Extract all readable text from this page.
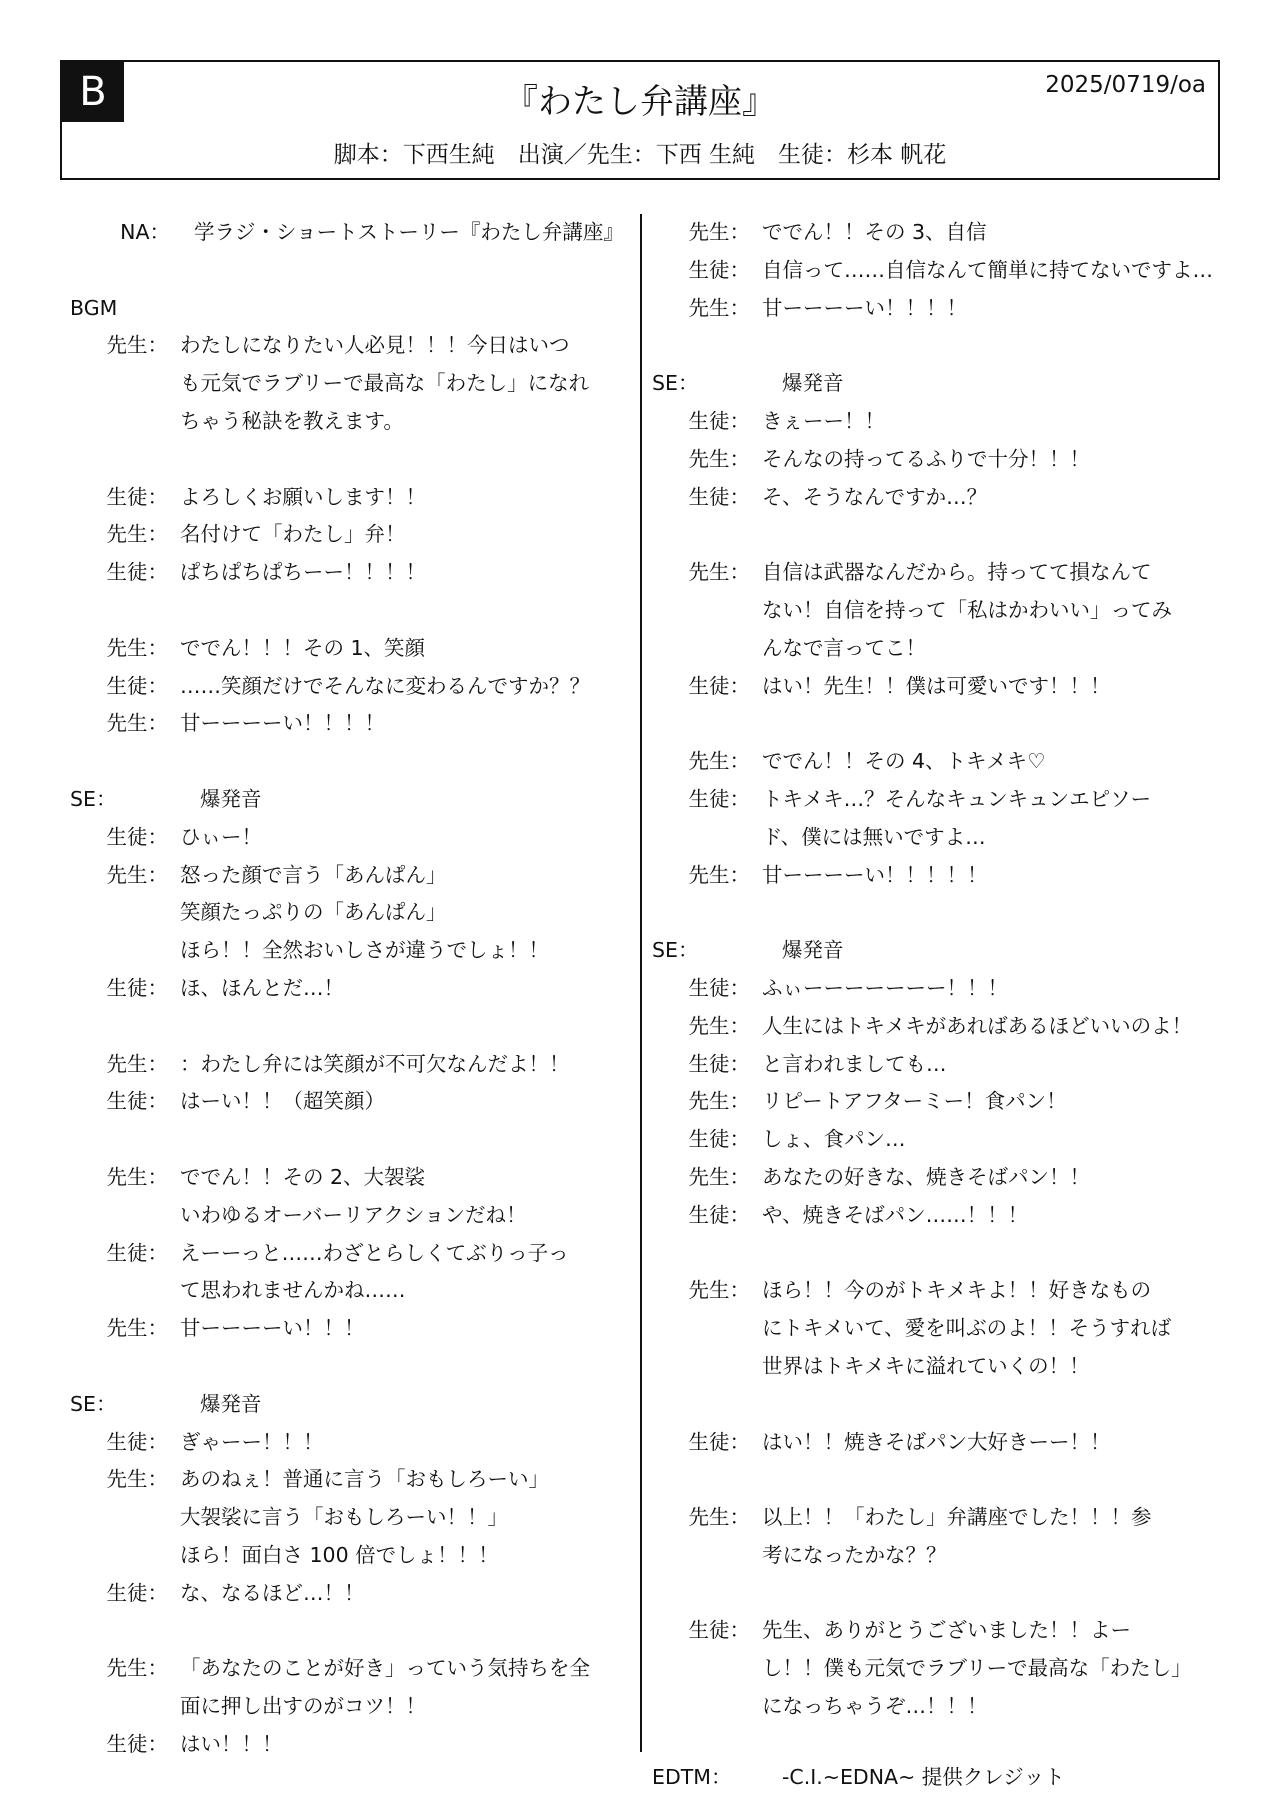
B	『わたし弁講座』	2025/0719/oa
脚本：下西生純　出演／先生：下西 生純　生徒：杉本 帆花
NA：	学ラジ・ショートストーリー『わたし弁講座』
BGM
先生： わたしになりたい人必見！！！今日はいつ
も元気でラブリーで最高な「わたし」になれ
ちゃう秘訣を教えます。
生徒： よろしくお願いします！！
先生： 名付けて「わたし」弁！
生徒： ぱちぱちぱちーー！！！！
先生： ででん！！！その 1、笑顔
生徒： ……笑顔だけでそんなに変わるんですか？？
先生： 甘ーーーーい！！！！
SE：	爆発音
生徒： ひぃー！
先生： 怒った顔で言う「あんぱん」
笑顔たっぷりの「あんぱん」
ほら！！全然おいしさが違うでしょ！！
生徒： ほ、ほんとだ…！
先生： ：わたし弁には笑顔が不可欠なんだよ！！
生徒： はーい！！（超笑顔）
先生： ででん！！その 2、大袈裟
いわゆるオーバーリアクションだね！
生徒： えーーっと……わざとらしくてぶりっ子っ
て思われませんかね……
先生： 甘ーーーーい！！！
SE：	爆発音
生徒： ぎゃーー！！！
先生： あのねぇ！普通に言う「おもしろーい」
大袈裟に言う「おもしろーい！！」
ほら！面白さ 100 倍でしょ！！！
生徒： な、なるほど…！！
先生： 「あなたのことが好き」っていう気持ちを全
面に押し出すのがコツ！！
生徒： はい！！！
先生： ででん！！その 3、自信
生徒： 自信って……自信なんて簡単に持てないですよ…
先生： 甘ーーーーい！！！！
SE：	爆発音
生徒： きぇーー！！
先生： そんなの持ってるふりで十分！！！
生徒： そ、そうなんですか…？
先生： 自信は武器なんだから。持ってて損なんて
ない！自信を持って「私はかわいい」ってみ
んなで言ってこ！
生徒： はい！先生！！僕は可愛いです！！！
先生： ででん！！その 4、トキメキ♡
生徒： トキメキ…？そんなキュンキュンエピソー
ド、僕には無いですよ…
先生： 甘ーーーーい！！！！！
SE：	爆発音
生徒： ふぃーーーーーーー！！！
先生： 人生にはトキメキがあればあるほどいいのよ！
生徒： と言われましても…
先生： リピートアフターミー！食パン！
生徒： しょ、食パン…
先生： あなたの好きな、焼きそばパン！！
生徒： や、焼きそばパン……！！！
先生： ほら！！今のがトキメキよ！！好きなもの
にトキメいて、愛を叫ぶのよ！！そうすれば
世界はトキメキに溢れていくの！！
生徒： はい！！焼きそばパン大好きーー！！
先生： 以上！！「わたし」弁講座でした！！！参
考になったかな？？
生徒： 先生、ありがとうございました！！よー
し！！僕も元気でラブリーで最高な「わたし」
になっちゃうぞ…！！！
EDTM：	-C.I.~EDNA~ 提供クレジット
